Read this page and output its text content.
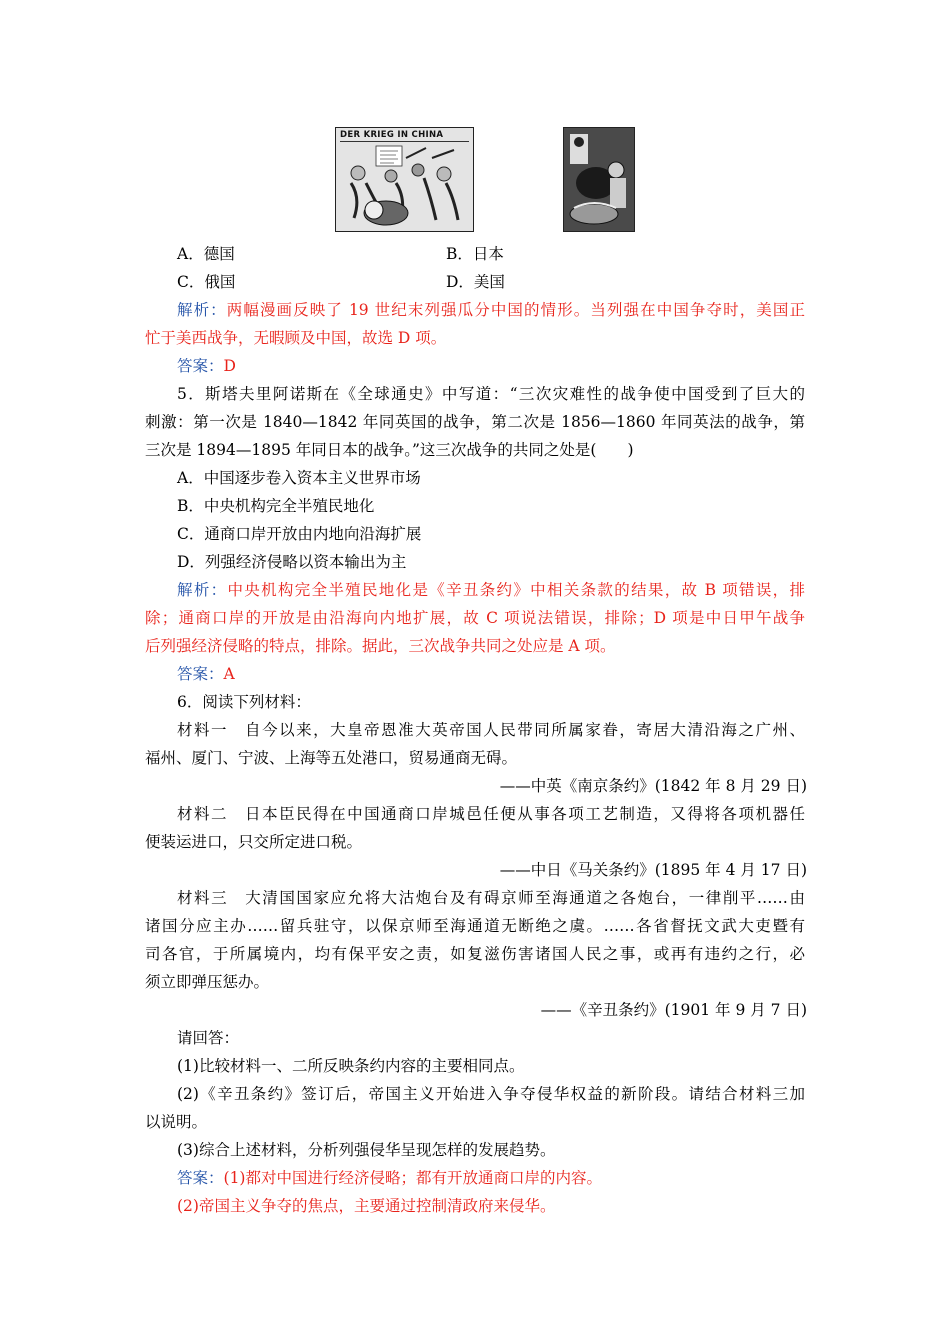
DER KRIEG IN CHINA
A．德国	B．日本
C．俄国	D．美国
解析：两幅漫画反映了 19 世纪末列强瓜分中国的情形。当列强在中国争夺时，美国正
忙于美西战争，无暇顾及中国，故选 D 项。
答案：D
5．斯塔夫里阿诺斯在《全球通史》中写道：“三次灾难性的战争使中国受到了巨大的
刺激：第一次是 1840—1842 年同英国的战争，第二次是 1856—1860 年同英法的战争，第
三次是 1894—1895 年同日本的战争。”这三次战争的共同之处是(　　)
A．中国逐步卷入资本主义世界市场
B．中央机构完全半殖民地化
C．通商口岸开放由内地向沿海扩展
D．列强经济侵略以资本输出为主
解析：中央机构完全半殖民地化是《辛丑条约》中相关条款的结果，故 B 项错误，排
除；通商口岸的开放是由沿海向内地扩展，故 C 项说法错误，排除；D 项是中日甲午战争
后列强经济侵略的特点，排除。据此，三次战争共同之处应是 A 项。
答案：A
6．阅读下列材料：
材料一　自今以来，大皇帝恩准大英帝国人民带同所属家眷，寄居大清沿海之广州、
福州、厦门、宁波、上海等五处港口，贸易通商无碍。
——中英《南京条约》(1842 年 8 月 29 日)
材料二　日本臣民得在中国通商口岸城邑任便从事各项工艺制造，又得将各项机器任
便装运进口，只交所定进口税。
——中日《马关条约》(1895 年 4 月 17 日)
材料三　大清国国家应允将大沽炮台及有碍京师至海通道之各炮台，一律削平……由
诸国分应主办……留兵驻守，以保京师至海通道无断绝之虞。……各省督抚文武大吏暨有
司各官，于所属境内，均有保平安之责，如复滋伤害诸国人民之事，或再有违约之行，必
须立即弹压惩办。
——《辛丑条约》(1901 年 9 月 7 日)
请回答：
(1)比较材料一、二所反映条约内容的主要相同点。
(2)《辛丑条约》签订后，帝国主义开始进入争夺侵华权益的新阶段。请结合材料三加
以说明。
(3)综合上述材料，分析列强侵华呈现怎样的发展趋势。
答案：(1)都对中国进行经济侵略；都有开放通商口岸的内容。
(2)帝国主义争夺的焦点，主要通过控制清政府来侵华。
